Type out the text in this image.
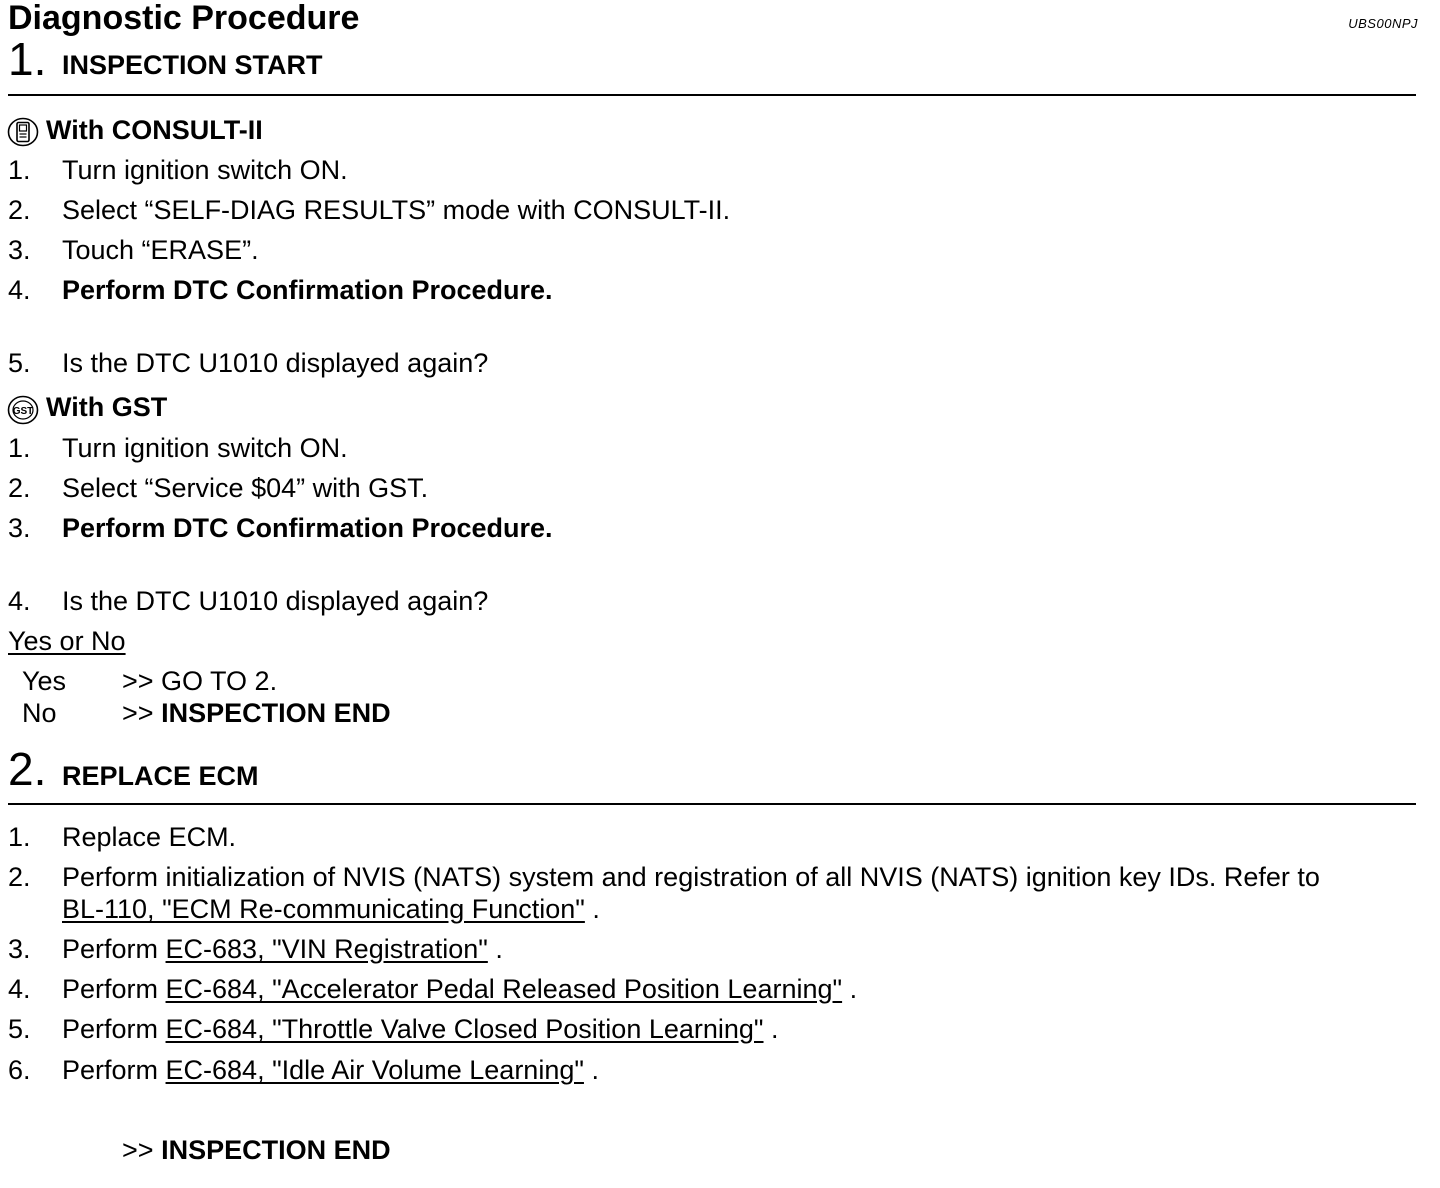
Diagnostic Procedure	UBS00NPJ
1. INSPECTION START
With CONSULT-II
1. Turn ignition switch ON.
2. Select “SELF-DIAG RESULTS” mode with CONSULT-II.
3. Touch “ERASE”.
4. Perform DTC Confirmation Procedure.
5. Is the DTC U1010 displayed again?
GST With GST
1. Turn ignition switch ON.
2. Select “Service $04” with GST.
3. Perform DTC Confirmation Procedure.
4. Is the DTC U1010 displayed again?
Yes or No
Yes >> GO TO 2.
No >> INSPECTION END
2. REPLACE ECM
1. Replace ECM.
2. Perform initialization of NVIS (NATS) system and registration of all NVIS (NATS) ignition key IDs. Refer to
BL-110, "ECM Re-communicating Function" .
3. Perform EC-683, "VIN Registration" .
4. Perform EC-684, "Accelerator Pedal Released Position Learning" .
5. Perform EC-684, "Throttle Valve Closed Position Learning" .
6. Perform EC-684, "Idle Air Volume Learning" .
>> INSPECTION END
